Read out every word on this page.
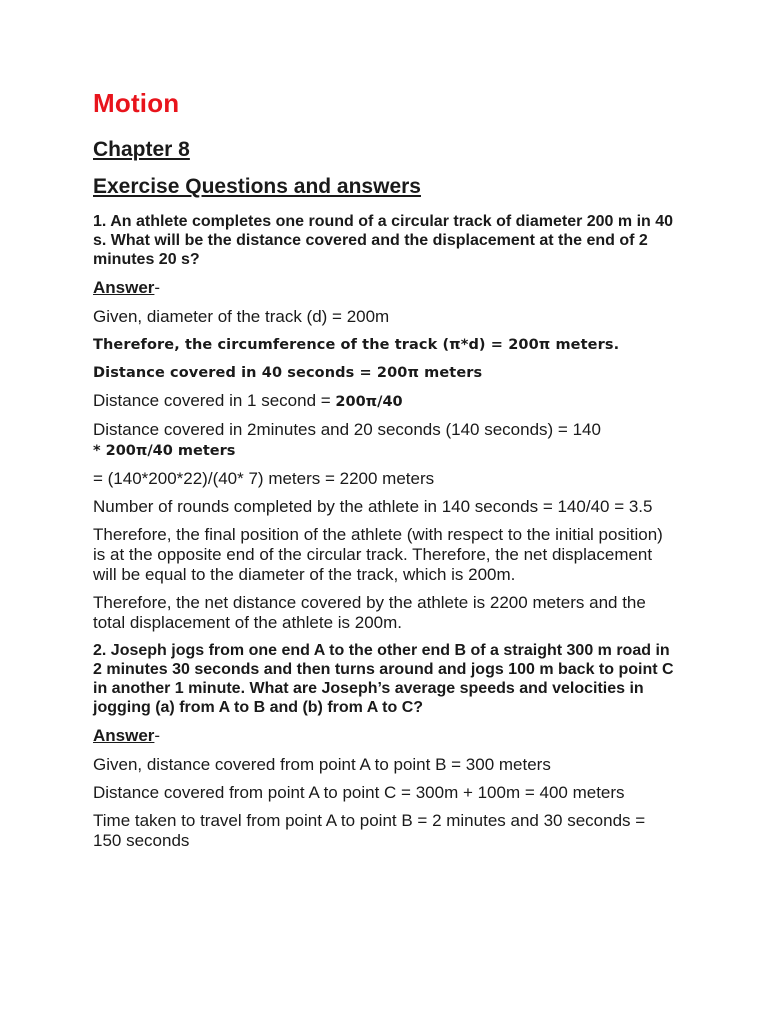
Motion
Chapter 8
Exercise Questions and answers
1. An athlete completes one round of a circular track of diameter 200 m in 40 s. What will be the distance covered and the displacement at the end of 2 minutes 20 s?
Answer-
Given, diameter of the track (d) = 200m
Therefore, the circumference of the track (π*d) = 200π meters.
Distance covered in 40 seconds = 200π meters
Distance covered in 1 second = 200π/40
Distance covered in 2minutes and 20 seconds (140 seconds) = 140
* 200π/40 meters
= (140*200*22)/(40* 7) meters = 2200 meters
Number of rounds completed by the athlete in 140 seconds = 140/40 = 3.5
Therefore, the final position of the athlete (with respect to the initial position) is at the opposite end of the circular track. Therefore, the net displacement will be equal to the diameter of the track, which is 200m.
Therefore, the net distance covered by the athlete is 2200 meters and the total displacement of the athlete is 200m.
2. Joseph jogs from one end A to the other end B of a straight 300 m road in 2 minutes 30 seconds and then turns around and jogs 100 m back to point C in another 1 minute. What are Joseph’s average speeds and velocities in jogging (a) from A to B and (b) from A to C?
Answer-
Given, distance covered from point A to point B = 300 meters
Distance covered from point A to point C = 300m + 100m = 400 meters
Time taken to travel from point A to point B = 2 minutes and 30 seconds = 150 seconds
